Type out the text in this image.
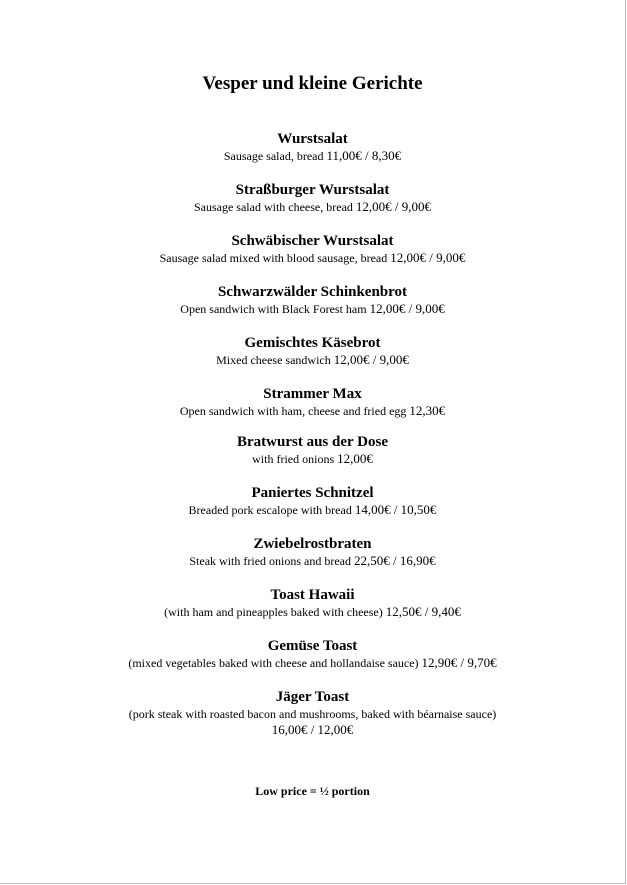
Vesper und kleine Gerichte
Wurstsalat
Sausage salad, bread 11,00€ / 8,30€
Straßburger Wurstsalat
Sausage salad with cheese, bread 12,00€ / 9,00€
Schwäbischer Wurstsalat
Sausage salad mixed with blood sausage, bread 12,00€ / 9,00€
Schwarzwälder Schinkenbrot
Open sandwich with Black Forest ham 12,00€ / 9,00€
Gemischtes Käsebrot
Mixed cheese sandwich 12,00€ / 9,00€
Strammer Max
Open sandwich with ham, cheese and fried egg 12,30€
Bratwurst aus der Dose
with fried onions 12,00€
Paniertes Schnitzel
Breaded pork escalope with bread 14,00€ / 10,50€
Zwiebelrostbraten
Steak with fried onions and bread 22,50€ / 16,90€
Toast Hawaii
(with ham and pineapples baked with cheese) 12,50€ / 9,40€
Gemüse Toast
(mixed vegetables baked with cheese and hollandaise sauce) 12,90€ / 9,70€
Jäger Toast
(pork steak with roasted bacon and mushrooms, baked with béarnaise sauce)
16,00€ / 12,00€
Low price = ½ portion
